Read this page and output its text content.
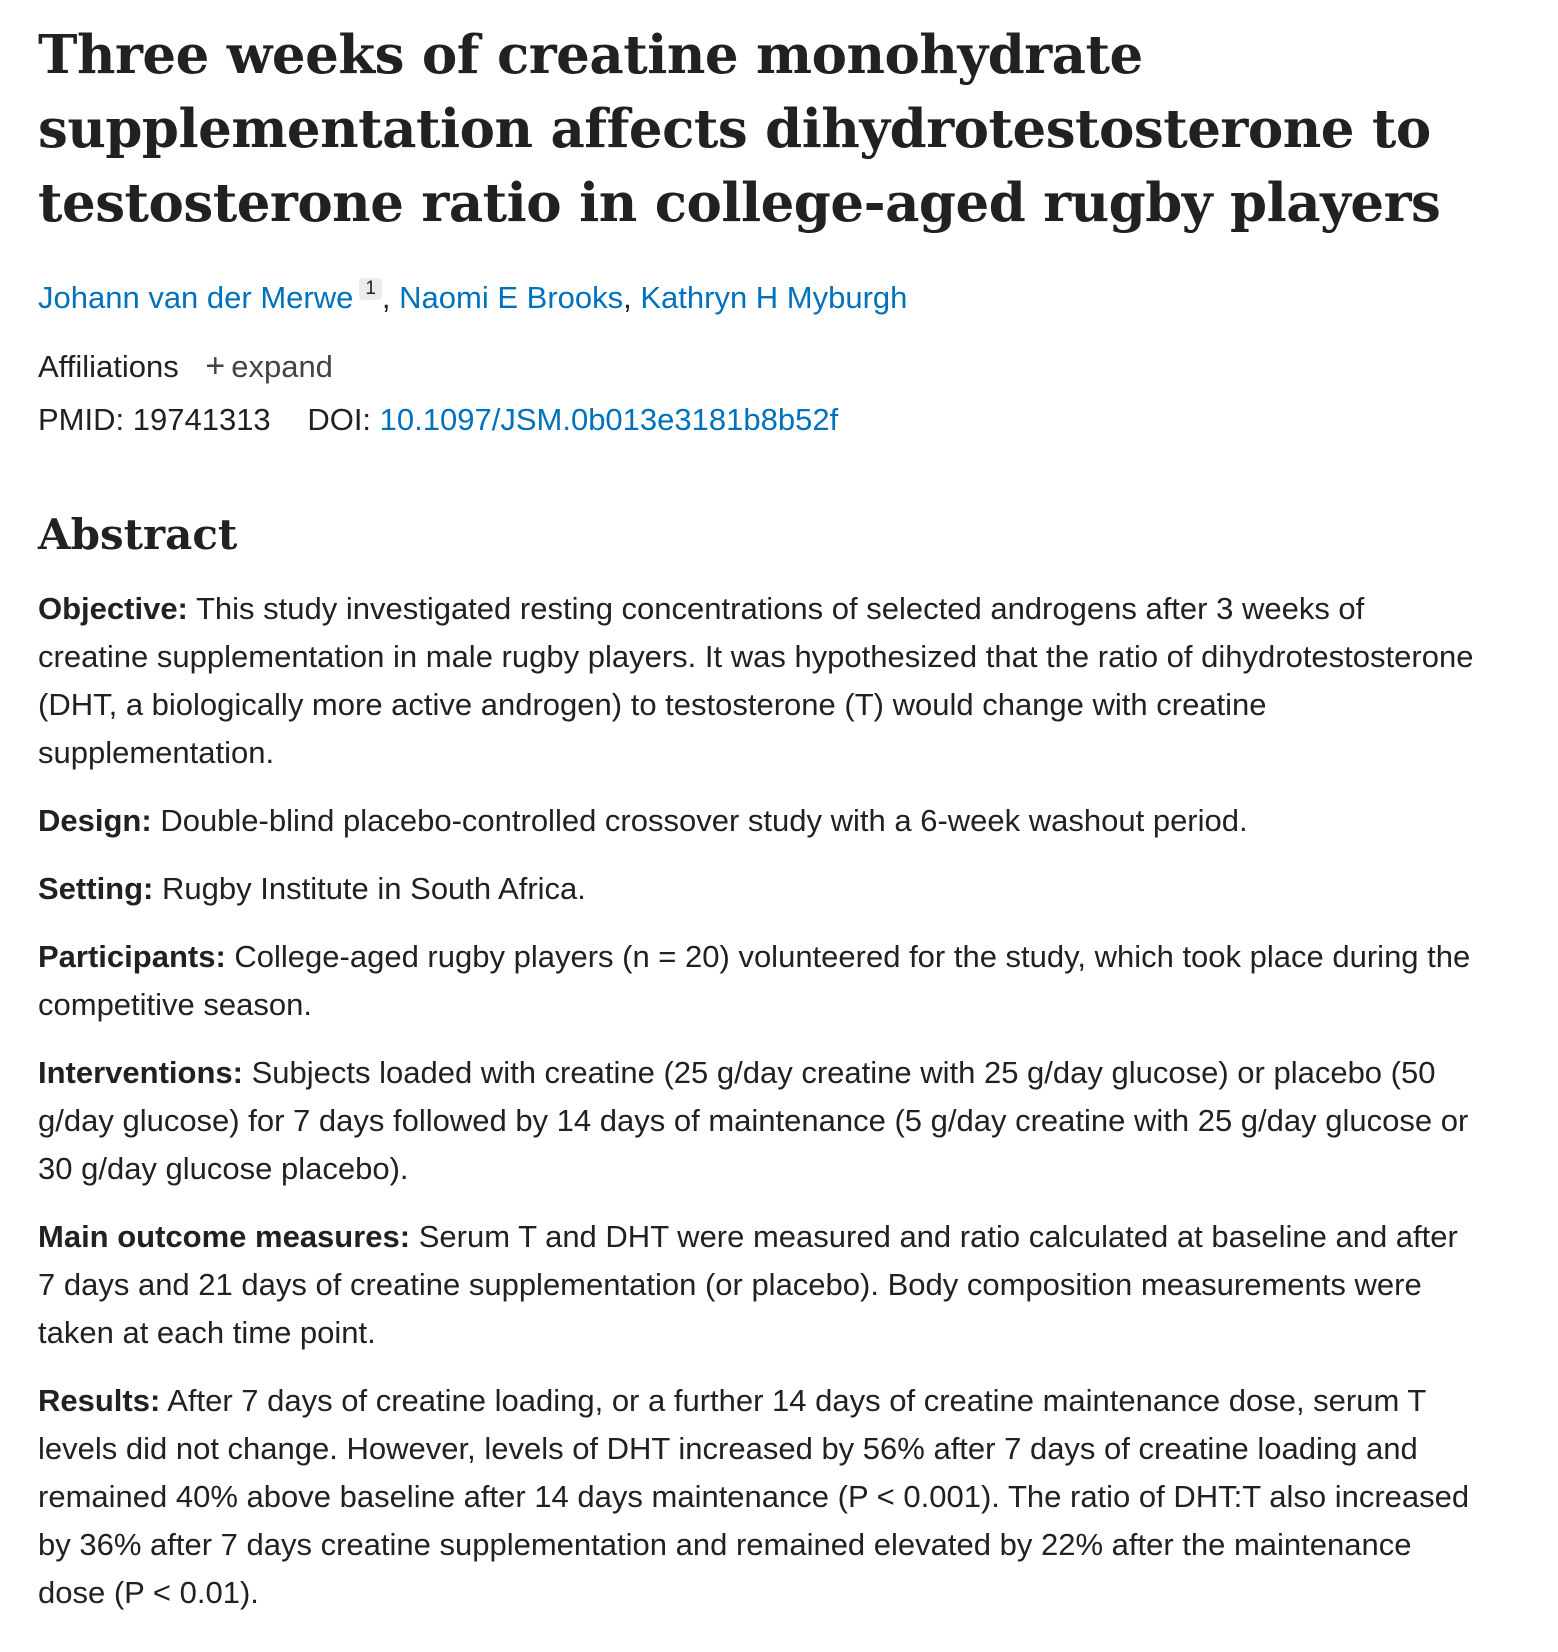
Three weeks of creatine monohydrate supplementation affects dihydrotestosterone to testosterone ratio in college-aged rugby players
Johann van der Merwe 1 , Naomi E Brooks, Kathryn H Myburgh
Affiliations + expand
PMID: 19741313 DOI: 10.1097/JSM.0b013e3181b8b52f
Abstract

Objective: This study investigated resting concentrations of selected androgens after 3 weeks of creatine supplementation in male rugby players. It was hypothesized that the ratio of dihydrotestosterone (DHT, a biologically more active androgen) to testosterone (T) would change with creatine supplementation.

Design: Double-blind placebo-controlled crossover study with a 6-week washout period.

Setting: Rugby Institute in South Africa.

Participants: College-aged rugby players (n = 20) volunteered for the study, which took place during the competitive season.

Interventions: Subjects loaded with creatine (25 g/day creatine with 25 g/day glucose) or placebo (50 g/day glucose) for 7 days followed by 14 days of maintenance (5 g/day creatine with 25 g/day glucose or 30 g/day glucose placebo).

Main outcome measures: Serum T and DHT were measured and ratio calculated at baseline and after 7 days and 21 days of creatine supplementation (or placebo). Body composition measurements were taken at each time point.

Results: After 7 days of creatine loading, or a further 14 days of creatine maintenance dose, serum T levels did not change. However, levels of DHT increased by 56% after 7 days of creatine loading and remained 40% above baseline after 14 days maintenance (P < 0.001). The ratio of DHT:T also increased by 36% after 7 days creatine supplementation and remained elevated by 22% after the maintenance dose (P < 0.01).
